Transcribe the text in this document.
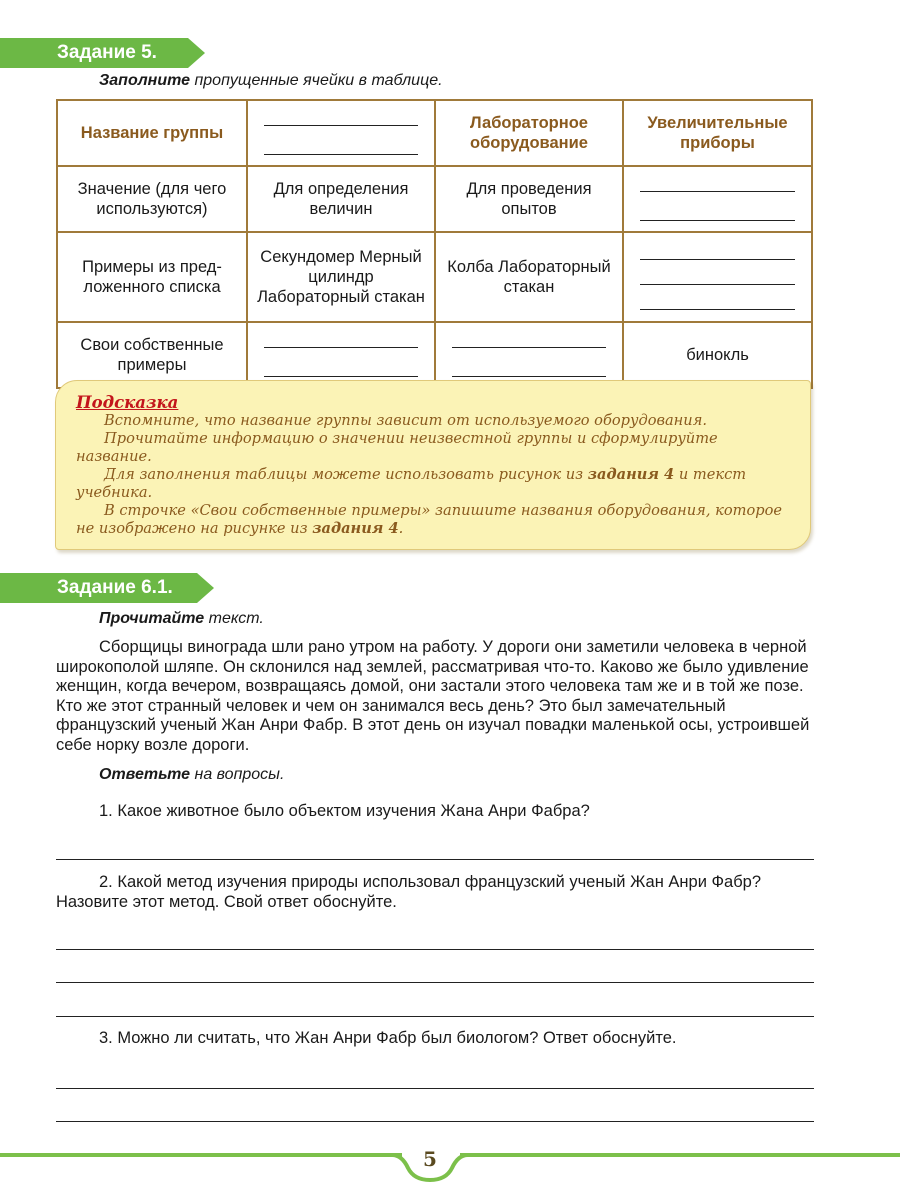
Задание 5.
Заполните пропущенные ячейки в таблице.
Название группы		Лабораторное оборудование	Увеличительные приборы
Значение (для чего используются)	Для определения величин	Для проведения опытов	

Примеры из пред-ложенного списка	Секундомер Мерный цилиндр Лабораторный стакан	Колба Лабораторный стакан	

Свои собственные примеры			бинокль
Подсказка

Вспомните, что название группы зависит от используемого оборудования.

Прочитайте информацию о значении неизвестной группы и сформулируйте название.

Для заполнения таблицы можете использовать рисунок из задания 4 и текст учебника.

В строчке «Свои собственные примеры» запишите названия оборудования, которое не изображено на рисунке из задания 4.

Задание 6.1.
Прочитайте текст.

Сборщицы винограда шли рано утром на работу. У дороги они заметили человека в черной широкополой шляпе. Он склонился над землей, рассматривая что-то. Каково же было удивление женщин, когда вечером, возвращаясь домой, они застали этого человека там же и в той же позе. Кто же этот странный человек и чем он занимался весь день? Это был замечательный французский ученый Жан Анри Фабр. В этот день он изучал повадки маленькой осы, устроившей себе норку возле дороги.

Ответьте на вопросы.

1. Какое животное было объектом изучения Жана Анри Фабра?

2. Какой метод изучения природы использовал французский ученый Жан Анри Фабр? Назовите этот метод. Свой ответ обоснуйте.

3. Можно ли считать, что Жан Анри Фабр был биологом? Ответ обоснуйте.

5
